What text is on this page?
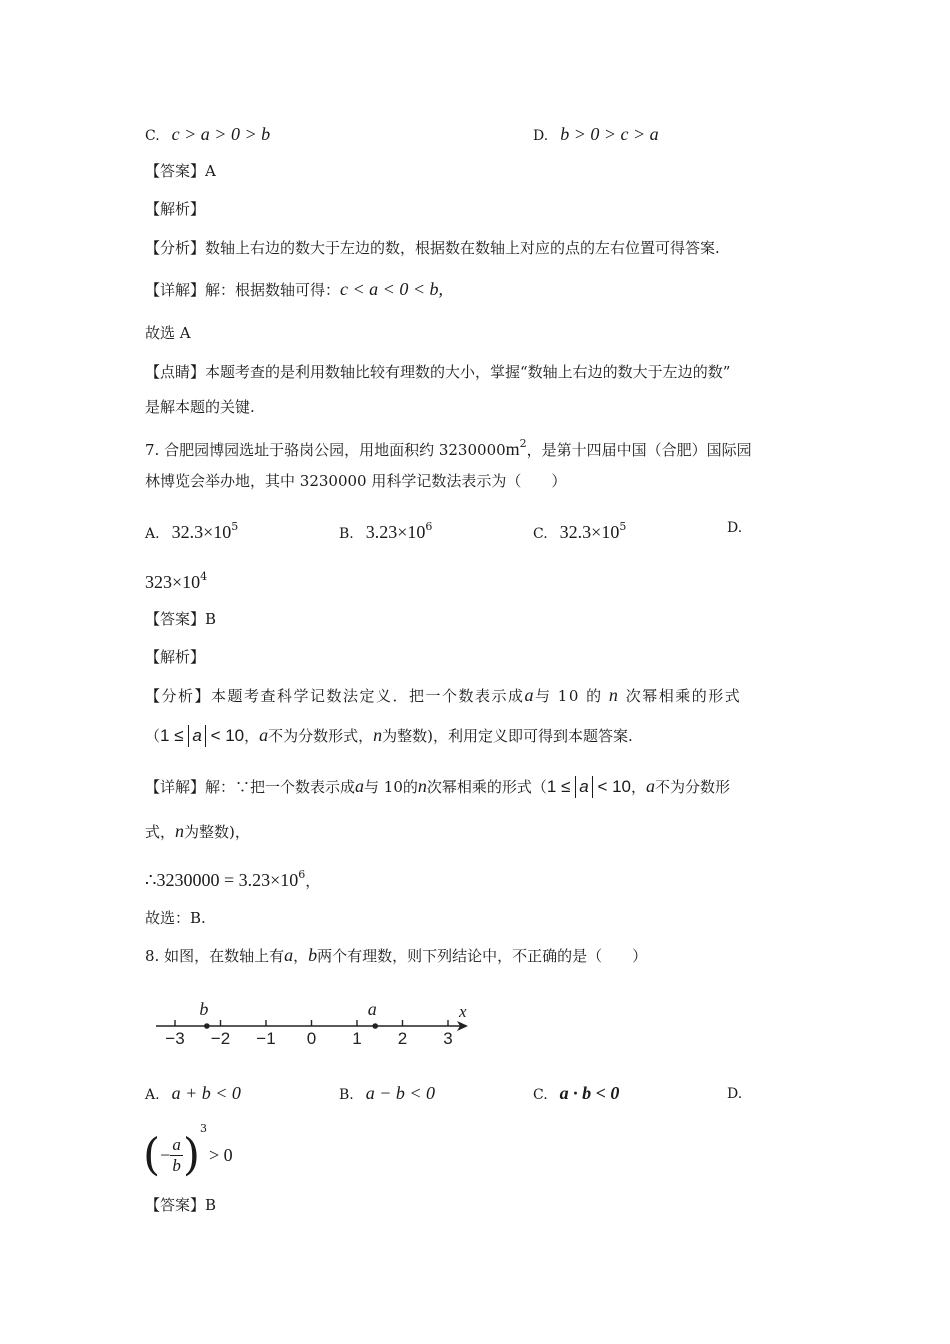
C. c > a > 0 > b	D. b > 0 > c > a
【答案】A
【解析】
【分析】数轴上右边的数大于左边的数，根据数在数轴上对应的点的左右位置可得答案.
【详解】解：根据数轴可得：c < a < 0 < b,
故选 A
【点睛】本题考查的是利用数轴比较有理数的大小，掌握“数轴上右边的数大于左边的数”
是解本题的关键.
7. 合肥园博园选址于骆岗公园，用地面积约 $3230000m^2$，是第十四届中国（合肥）国际园
林博览会举办地，其中 3230000 用科学记数法表示为（　　）
A. $32.3\times 10^5$	B. $3.23\times 10^6$	C. $32.3\times 10^5$	D.
$323\times 10^4$
【答案】B
【解析】
【分析】本题考查科学记数法定义．把一个数表示成a与 10 的 n 次幂相乘的形式
（1 ≤ a < 10，a不为分数形式，n为整数)，利用定义即可得到本题答案.
【详解】解：∵把一个数表示成a与 10的n次幂相乘的形式（1 ≤ a < 10，a不为分数形
式，n为整数)，
∴3230000 = $3.23\times 10^6$，
故选：B.
8. 如图，在数轴上有a，b两个有理数，则下列结论中，不正确的是（　　）
x
−3 −2 −1 0 1 2 3
b	a
A. a + b < 0	B. a − b < 0	C. a · b < 0	D.
(− $\frac{a}{b} )^3> 0$
【答案】B
